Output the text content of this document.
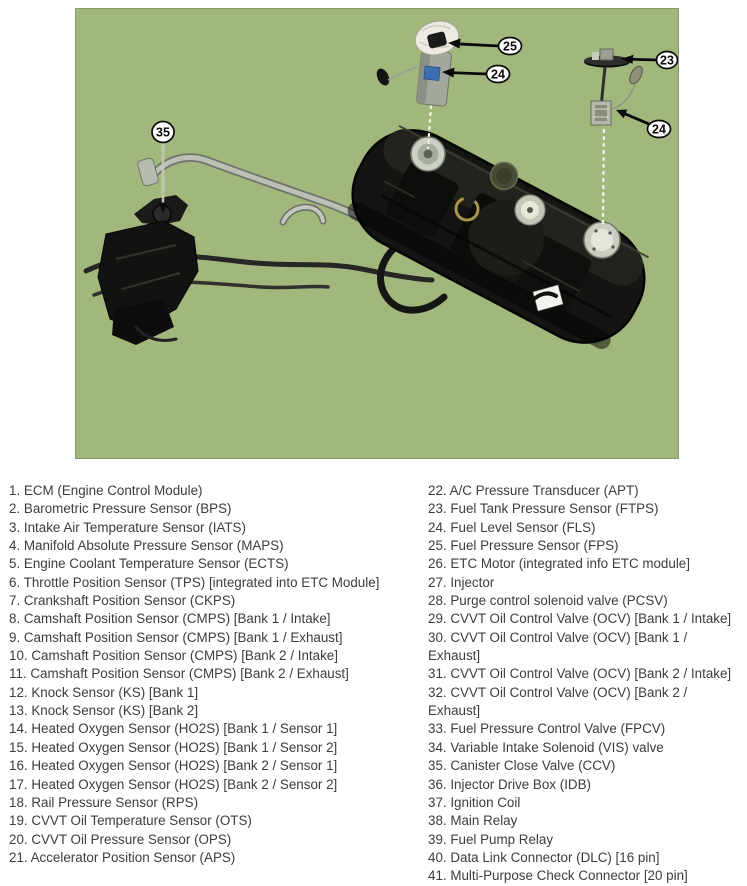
35
25
24
23
24
1. ECM (Engine Control Module)
2. Barometric Pressure Sensor (BPS)
3. Intake Air Temperature Sensor (IATS)
4. Manifold Absolute Pressure Sensor (MAPS)
5. Engine Coolant Temperature Sensor (ECTS)
6. Throttle Position Sensor (TPS) [integrated into ETC Module]
7. Crankshaft Position Sensor (CKPS)
8. Camshaft Position Sensor (CMPS) [Bank 1 / Intake]
9. Camshaft Position Sensor (CMPS) [Bank 1 / Exhaust]
10. Camshaft Position Sensor (CMPS) [Bank 2 / Intake]
11. Camshaft Position Sensor (CMPS) [Bank 2 / Exhaust]
12. Knock Sensor (KS) [Bank 1]
13. Knock Sensor (KS) [Bank 2]
14. Heated Oxygen Sensor (HO2S) [Bank 1 / Sensor 1]
15. Heated Oxygen Sensor (HO2S) [Bank 1 / Sensor 2]
16. Heated Oxygen Sensor (HO2S) [Bank 2 / Sensor 1]
17. Heated Oxygen Sensor (HO2S) [Bank 2 / Sensor 2]
18. Rail Pressure Sensor (RPS)
19. CVVT Oil Temperature Sensor (OTS)
20. CVVT Oil Pressure Sensor (OPS)
21. Accelerator Position Sensor (APS)
22. A/C Pressure Transducer (APT)
23. Fuel Tank Pressure Sensor (FTPS)
24. Fuel Level Sensor (FLS)
25. Fuel Pressure Sensor (FPS)
26. ETC Motor (integrated info ETC module]
27. Injector
28. Purge control solenoid valve (PCSV)
29. CVVT Oil Control Valve (OCV) [Bank 1 / Intake]
30. CVVT Oil Control Valve (OCV) [Bank 1 / Exhaust]
31. CVVT Oil Control Valve (OCV) [Bank 2 / Intake]
32. CVVT Oil Control Valve (OCV) [Bank 2 / Exhaust]
33. Fuel Pressure Control Valve (FPCV)
34. Variable Intake Solenoid (VIS) valve
35. Canister Close Valve (CCV)
36. Injector Drive Box (IDB)
37. Ignition Coil
38. Main Relay
39. Fuel Pump Relay
40. Data Link Connector (DLC) [16 pin]
41. Multi-Purpose Check Connector [20 pin]
